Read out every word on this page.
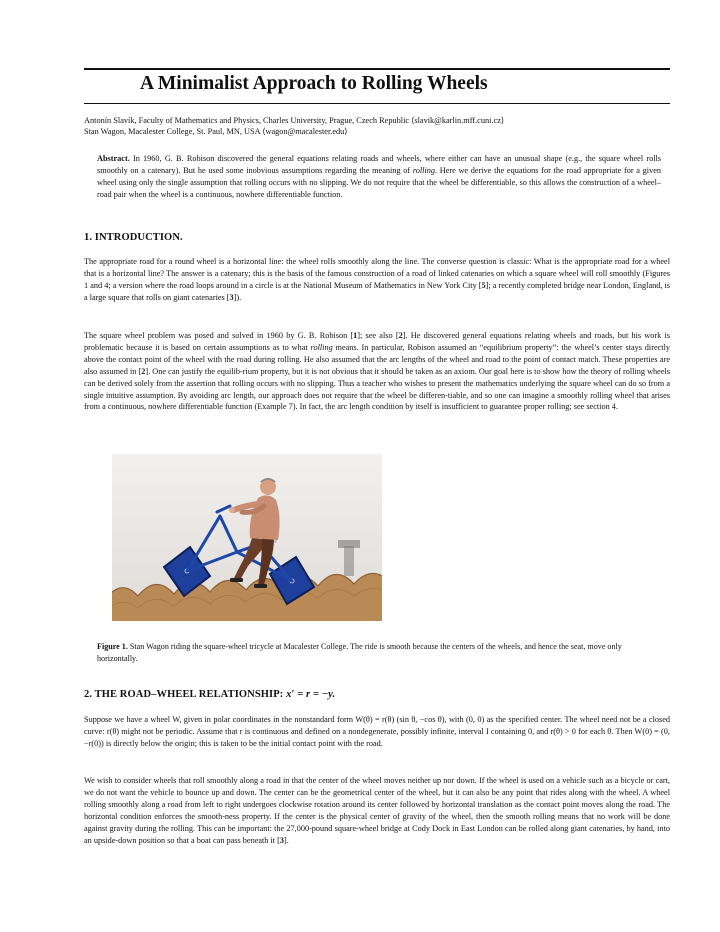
A Minimalist Approach to Rolling Wheels
Antonín Slavík, Faculty of Mathematics and Physics, Charles University, Prague, Czech Republic ⟨slavik@karlin.mff.cuni.cz⟩
Stan Wagon, Macalester College, St. Paul, MN, USA ⟨wagon@macalester.edu⟩

Abstract. In 1960, G. B. Robison discovered the general equations relating roads and wheels, where either can have an unusual shape (e.g., the square wheel rolls smoothly on a catenary). But he used some inobvious assumptions regarding the meaning of rolling. Here we derive the equations for the road appropriate for a given wheel using only the single assumption that rolling occurs with no slipping. We do not require that the wheel be differentiable, so this allows the construction of a wheel–road pair when the wheel is a continuous, nowhere differentiable function.

1. INTRODUCTION.

The appropriate road for a round wheel is a horizontal line: the wheel rolls smoothly along the line. The converse question is classic: What is the appropriate road for a wheel that is a horizontal line? The answer is a catenary; this is the basis of the famous construction of a road of linked catenaries on which a square wheel will roll smoothly (Figures 1 and 4; a version where the road loops around in a circle is at the National Museum of Mathematics in New York City [5]; a recently completed bridge near London, England, is a large square that rolls on giant catenaries [3]).

The square wheel problem was posed and solved in 1960 by G. B. Robison [1]; see also [2]. He discovered general equations relating wheels and roads, but his work is problematic because it is based on certain assumptions as to what rolling means. In particular, Robison assumed an “equilibrium property”: the wheel’s center stays directly above the contact point of the wheel with the road during rolling. He also assumed that the arc lengths of the wheel and road to the point of contact match. These properties are also assumed in [2]. One can justify the equilib-rium property, but it is not obvious that it should be taken as an axiom. Our goal here is to show how the theory of rolling wheels can be derived solely from the assertion that rolling occurs with no slipping. Thus a teacher who wishes to present the mathematics underlying the square wheel can do so from a single intuitive assumption. By avoiding arc length, our approach does not require that the wheel be differen-tiable, and so one can imagine a smoothly rolling wheel that arises from a continuous, nowhere differentiable function (Example 7). In fact, the arc length condition by itself is insufficient to guarantee proper rolling; see section 4.

Figure 1. Stan Wagon riding the square-wheel tricycle at Macalester College. The ride is smooth because the centers of the wheels, and hence the seat, move only horizontally.

2. THE ROAD–WHEEL RELATIONSHIP: x′ = r = −y.

Suppose we have a wheel W, given in polar coordinates in the nonstandard form W(θ) = r(θ) (sin θ, −cos θ), with (0, 0) as the specified center. The wheel need not be a closed curve: r(θ) might not be periodic. Assume that r is continuous and defined on a nondegenerate, possibly infinite, interval I containing 0, and r(θ) > 0 for each θ. Then W(0) = (0, −r(0)) is directly below the origin; this is taken to be the initial contact point with the road.

We wish to consider wheels that roll smoothly along a road in that the center of the wheel moves neither up nor down. If the wheel is used on a vehicle such as a bicycle or cart, we do not want the vehicle to bounce up and down. The center can be the geometrical center of the wheel, but it can also be any point that rides along with the wheel. A wheel rolling smoothly along a road from left to right undergoes clockwise rotation around its center followed by horizontal translation as the contact point moves along the road. The horizontal condition enforces the smooth-ness property. If the center is the physical center of gravity of the wheel, then the smooth rolling means that no work will be done against gravity during the rolling. This can be important: the 27,000-pound square-wheel bridge at Cody Dock in East London can be rolled along giant catenaries, by hand, into an upside-down position so that a boat can pass beneath it [3].
